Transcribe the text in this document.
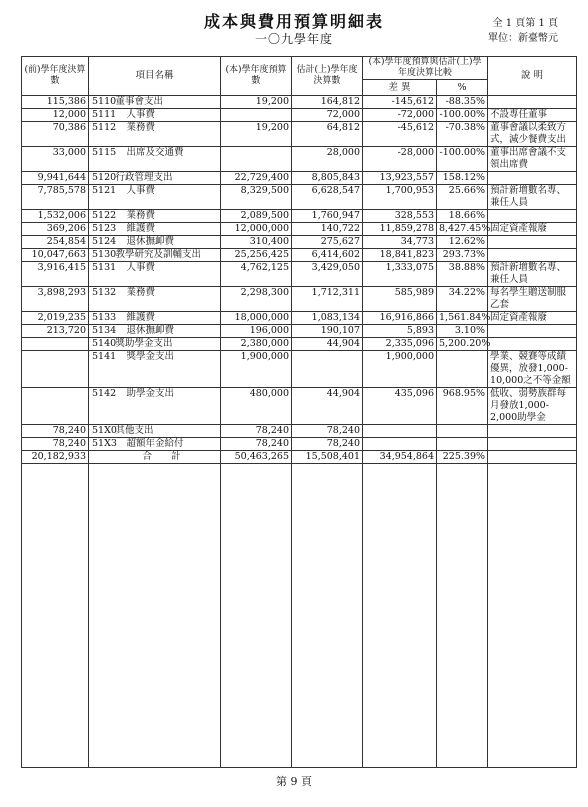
成本與費用預算明細表
一〇九學年度
全 1 頁第 1 頁
單位：新臺幣元
(前)學年度決算數	項目名稱		(本)學年度預算數	估計(上)學年度決算數	(本)學年度預算與估計(上)學年度決算比較		說 明
					差 異	%	
115,386	5110	董事會支出	19,200	164,812	-145,612	-88.35%	
12,000	5111	人事費		72,000	-72,000	-100.00%	不設專任董事
70,386	5112	業務費	19,200	64,812	-45,612	-70.38%	董事會議以柔致方式，減少餐費支出
33,000	5115	出席及交通費		28,000	-28,000	-100.00%	董事出席會議不支領出席費
9,941,644	5120	行政管理支出	22,729,400	8,805,843	13,923,557	158.12%	
7,785,578	5121	人事費	8,329,500	6,628,547	1,700,953	25.66%	預計新增數名專、兼任人員
1,532,006	5122	業務費	2,089,500	1,760,947	328,553	18.66%	
369,206	5123	維護費	12,000,000	140,722	11,859,278	8,427.45%	固定資產報廢
254,854	5124	退休撫卹費	310,400	275,627	34,773	12.62%	
10,047,663	5130	教學研究及訓輔支出	25,256,425	6,414,602	18,841,823	293.73%	
3,916,415	5131	人事費	4,762,125	3,429,050	1,333,075	38.88%	預計新增數名專、兼任人員
3,898,293	5132	業務費	2,298,300	1,712,311	585,989	34.22%	每名學生贈送制服乙套
2,019,235	5133	維護費	18,000,000	1,083,134	16,916,866	1,561.84%	固定資產報廢
213,720	5134	退休撫卹費	196,000	190,107	5,893	3.10%	
	5140	獎助學金支出	2,380,000	44,904	2,335,096	5,200.20%	
	5141	獎學金支出	1,900,000		1,900,000		學業、競賽等成績優異，放發1,000-10,000之不等金額
	5142	助學金支出	480,000	44,904	435,096	968.95%	低收、弱勢族群每月發放1,000-2,000助學金
78,240	51X0	其他支出	78,240	78,240			
78,240	51X3	超額年金給付	78,240	78,240			
20,182,933		合　　計	50,463,265	15,508,401	34,954,864	225.39%	

第 9 頁
